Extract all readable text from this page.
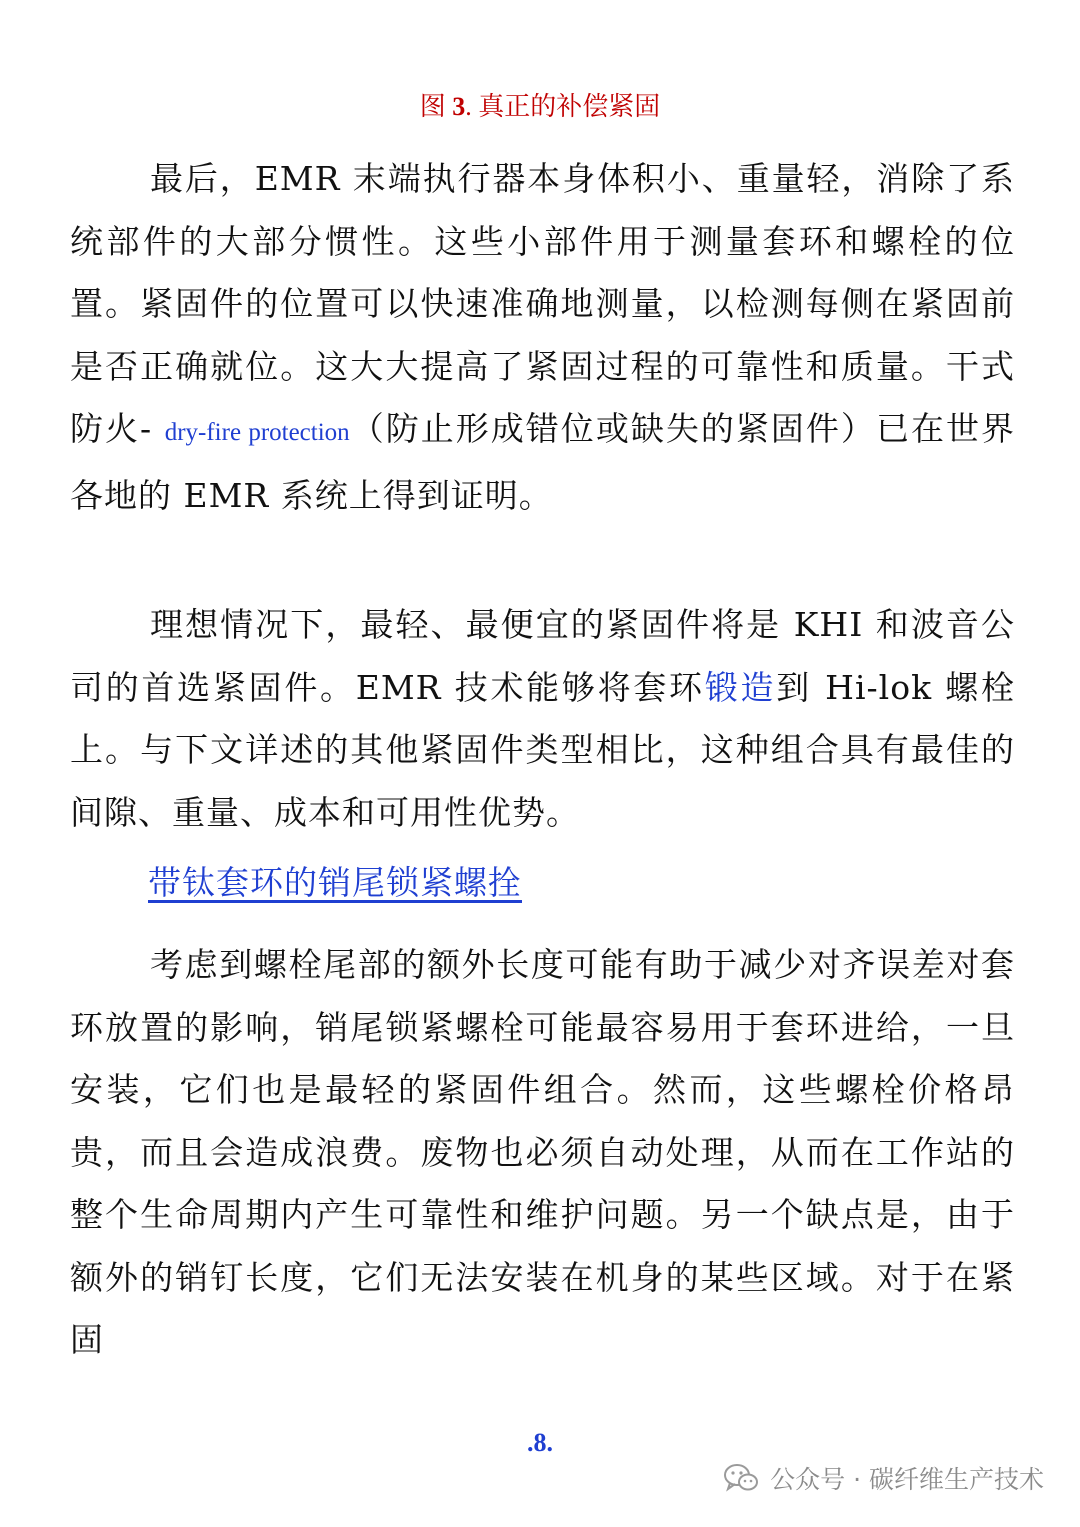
图 3. 真正的补偿紧固
最后，EMR 末端执行器本身体积小、重量轻，消除了系统部件的大部分惯性。这些小部件用于测量套环和螺栓的位置。紧固件的位置可以快速准确地测量，以检测每侧在紧固前是否正确就位。这大大提高了紧固过程的可靠性和质量。干式防火- dry-fire protection（防止形成错位或缺失的紧固件）已在世界各地的 EMR 系统上得到证明。
理想情况下，最轻、最便宜的紧固件将是 KHI 和波音公司的首选紧固件。EMR 技术能够将套环锻造到 Hi-lok 螺栓上。与下文详述的其他紧固件类型相比，这种组合具有最佳的间隙、重量、成本和可用性优势。
带钛套环的销尾锁紧螺拴
考虑到螺栓尾部的额外长度可能有助于减少对齐误差对套环放置的影响，销尾锁紧螺栓可能最容易用于套环进给，一旦安装，它们也是最轻的紧固件组合。然而，这些螺栓价格昂贵，而且会造成浪费。废物也必须自动处理，从而在工作站的整个生命周期内产生可靠性和维护问题。另一个缺点是，由于额外的销钉长度，它们无法安装在机身的某些区域。对于在紧固
.8.
公众号 · 碳纤维生产技术
